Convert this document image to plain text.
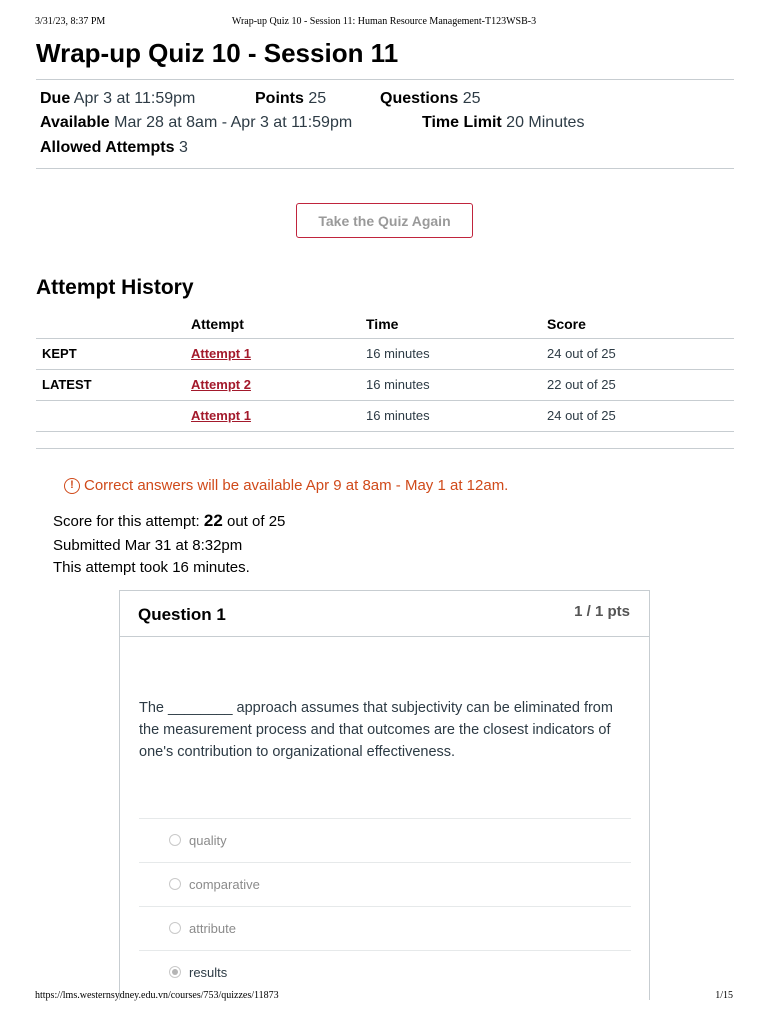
3/31/23, 8:37 PM	Wrap-up Quiz 10 - Session 11: Human Resource Management-T123WSB-3
Wrap-up Quiz 10 - Session 11
Due Apr 3 at 11:59pm	Points 25	Questions 25
Available Mar 28 at 8am - Apr 3 at 11:59pm	Time Limit 20 Minutes
Allowed Attempts 3
Take the Quiz Again
Attempt History
	Attempt	Time	Score
KEPT	Attempt 1	16 minutes	24 out of 25
LATEST	Attempt 2	16 minutes	22 out of 25
	Attempt 1	16 minutes	24 out of 25
! Correct answers will be available Apr 9 at 8am - May 1 at 12am.
Score for this attempt: 22 out of 25
Submitted Mar 31 at 8:32pm
This attempt took 16 minutes.
Question 1	1 / 1 pts
The ________ approach assumes that subjectivity can be eliminated from the measurement process and that outcomes are the closest indicators of one's contribution to organizational effectiveness.
quality
comparative
attribute
results
https://lms.westernsydney.edu.vn/courses/753/quizzes/11873	1/15
